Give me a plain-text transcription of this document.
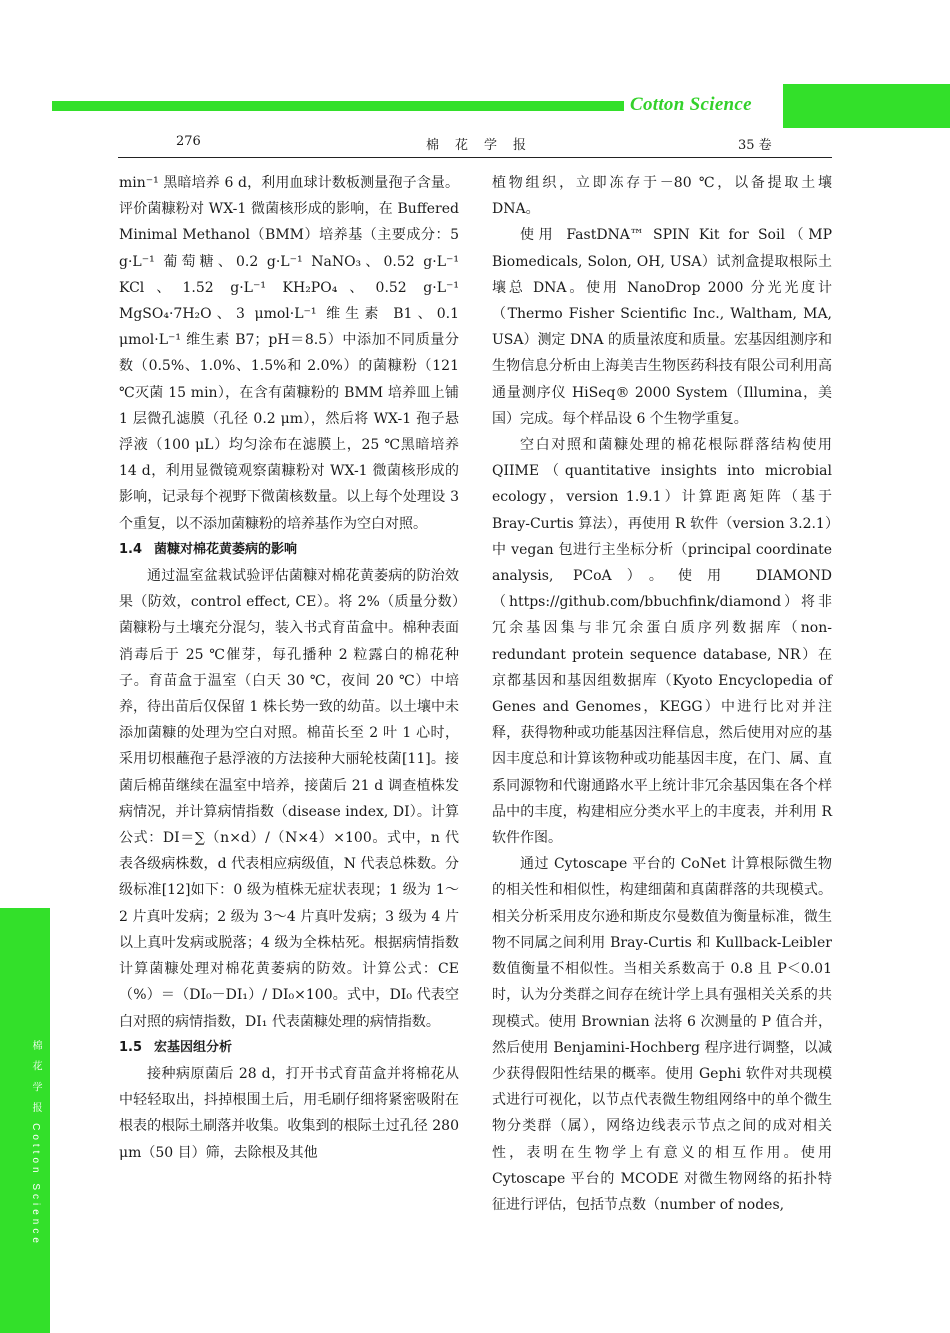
Cotton Science
276	棉花学报	35 卷
棉 花 学 报 Cotton Science

min⁻¹ 黑暗培养 6 d，利用血球计数板测量孢子含量。评价菌糠粉对 WX-1 微菌核形成的影响，在 Buffered Minimal Methanol（BMM）培养基（主要成分：5 g·L⁻¹ 葡萄糖、0.2 g·L⁻¹ NaNO₃、0.52 g·L⁻¹ KCl、1.52 g·L⁻¹ KH₂PO₄、0.52 g·L⁻¹ MgSO₄·7H₂O、3 μmol·L⁻¹ 维生素 B1、0.1 μmol·L⁻¹ 维生素 B7；pH＝8.5）中添加不同质量分数（0.5%、1.0%、1.5%和 2.0%）的菌糠粉（121 ℃灭菌 15 min），在含有菌糠粉的 BMM 培养皿上铺 1 层微孔滤膜（孔径 0.2 μm），然后将 WX-1 孢子悬浮液（100 μL）均匀涂布在滤膜上，25 ℃黑暗培养 14 d，利用显微镜观察菌糠粉对 WX-1 微菌核形成的影响，记录每个视野下微菌核数量。以上每个处理设 3 个重复，以不添加菌糠粉的培养基作为空白对照。

1.4 菌糠对棉花黄萎病的影响

通过温室盆栽试验评估菌糠对棉花黄萎病的防治效果（防效，control effect, CE）。将 2%（质量分数）菌糠粉与土壤充分混匀，装入书式育苗盒中。棉种表面消毒后于 25 ℃催芽，每孔播种 2 粒露白的棉花种子。育苗盒于温室（白天 30 ℃，夜间 20 ℃）中培养，待出苗后仅保留 1 株长势一致的幼苗。以土壤中未添加菌糠的处理为空白对照。棉苗长至 2 叶 1 心时，采用切根蘸孢子悬浮液的方法接种大丽轮枝菌[11]。接菌后棉苗继续在温室中培养，接菌后 21 d 调查植株发病情况，并计算病情指数（disease index, DI）。计算公式：DI＝∑（n×d）/（N×4）×100。式中，n 代表各级病株数，d 代表相应病级值，N 代表总株数。分级标准[12]如下：0 级为植株无症状表现；1 级为 1～2 片真叶发病；2 级为 3～4 片真叶发病；3 级为 4 片以上真叶发病或脱落；4 级为全株枯死。根据病情指数计算菌糠处理对棉花黄萎病的防效。计算公式：CE（%）＝（DI₀－DI₁）/ DI₀×100。式中，DI₀ 代表空白对照的病情指数，DI₁ 代表菌糠处理的病情指数。

1.5 宏基因组分析

接种病原菌后 28 d，打开书式育苗盒并将棉花从中轻轻取出，抖掉根围土后，用毛刷仔细将紧密吸附在根表的根际土刷落并收集。收集到的根际土过孔径 280 μm（50 目）筛，去除根及其他

植物组织，立即冻存于－80 ℃，以备提取土壤 DNA。

使用 FastDNA™ SPIN Kit for Soil（MP Biomedicals, Solon, OH, USA）试剂盒提取根际土壤总 DNA。使用 NanoDrop 2000 分光光度计（Thermo Fisher Scientific Inc., Waltham, MA, USA）测定 DNA 的质量浓度和质量。宏基因组测序和生物信息分析由上海美吉生物医药科技有限公司利用高通量测序仪 HiSeq® 2000 System（Illumina，美国）完成。每个样品设 6 个生物学重复。

空白对照和菌糠处理的棉花根际群落结构使用 QIIME（quantitative insights into microbial ecology，version 1.9.1）计算距离矩阵（基于 Bray-Curtis 算法），再使用 R 软件（version 3.2.1）中 vegan 包进行主坐标分析（principal coordinate analysis, PCoA）。使用 DIAMOND（https://github.com/bbuchfink/diamond）将非冗余基因集与非冗余蛋白质序列数据库（non-redundant protein sequence database, NR）在京都基因和基因组数据库（Kyoto Encyclopedia of Genes and Genomes，KEGG）中进行比对并注释，获得物种或功能基因注释信息，然后使用对应的基因丰度总和计算该物种或功能基因丰度，在门、属、直系同源物和代谢通路水平上统计非冗余基因集在各个样品中的丰度，构建相应分类水平上的丰度表，并利用 R 软件作图。

通过 Cytoscape 平台的 CoNet 计算根际微生物的相关性和相似性，构建细菌和真菌群落的共现模式。相关分析采用皮尔逊和斯皮尔曼数值为衡量标准，微生物不同属之间利用 Bray-Curtis 和 Kullback-Leibler 数值衡量不相似性。当相关系数高于 0.8 且 P＜0.01 时，认为分类群之间存在统计学上具有强相关关系的共现模式。使用 Brownian 法将 6 次测量的 P 值合并，然后使用 Benjamini-Hochberg 程序进行调整，以减少获得假阳性结果的概率。使用 Gephi 软件对共现模式进行可视化，以节点代表微生物组网络中的单个微生物分类群（属），网络边线表示节点之间的成对相关性，表明在生物学上有意义的相互作用。使用 Cytoscape 平台的 MCODE 对微生物网络的拓扑特征进行评估，包括节点数（number of nodes,
